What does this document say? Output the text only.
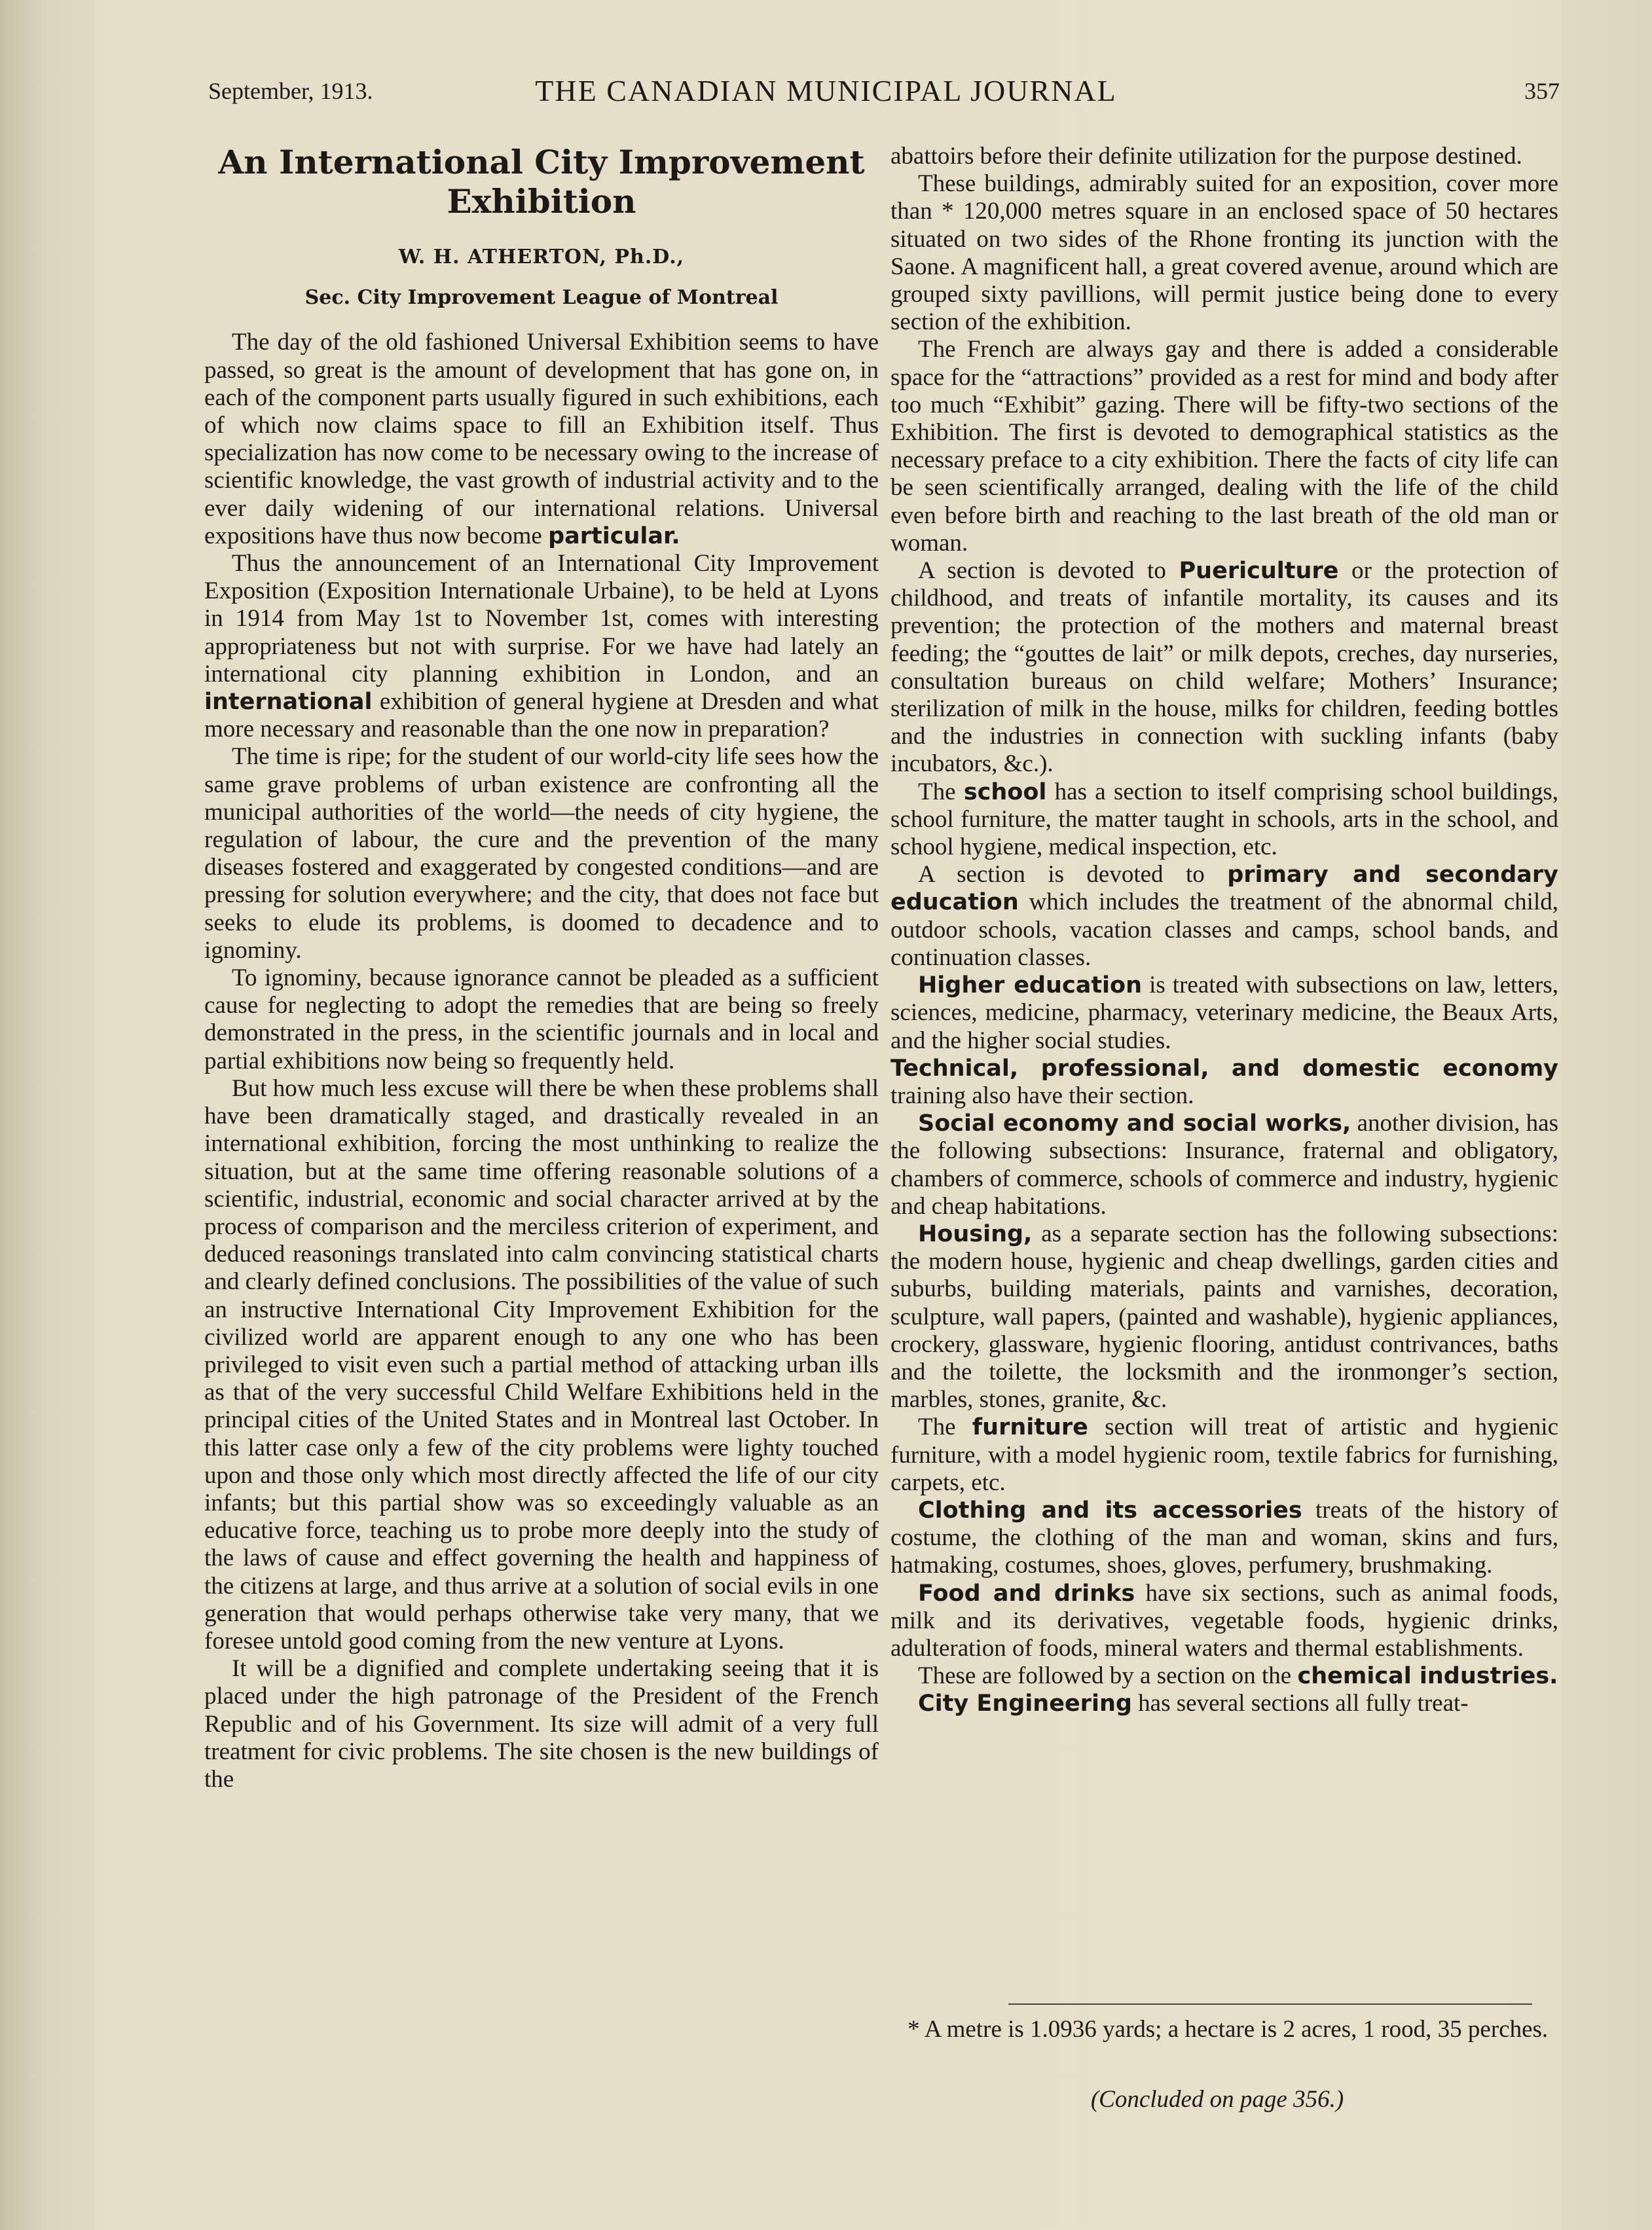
September, 1913.	THE CANADIAN MUNICIPAL JOURNAL	357
An International City Improvement Exhibition
W. H. ATHERTON, Ph.D.,
Sec. City Improvement League of Montreal

The day of the old fashioned Universal Exhibition seems to have passed, so great is the amount of development that has gone on, in each of the component parts usually figured in such exhibitions, each of which now claims space to fill an Exhibition itself. Thus specialization has now come to be necessary owing to the increase of scientific knowledge, the vast growth of industrial activity and to the ever daily widening of our international relations. Universal expositions have thus now become particular.

Thus the announcement of an International City Improvement Exposition (Exposition Internationale Urbaine), to be held at Lyons in 1914 from May 1st to November 1st, comes with interesting appropriateness but not with surprise. For we have had lately an international city planning exhibition in London, and an international exhibition of general hygiene at Dresden and what more necessary and reasonable than the one now in preparation?

The time is ripe; for the student of our world-city life sees how the same grave problems of urban existence are confronting all the municipal authorities of the world—the needs of city hygiene, the regulation of labour, the cure and the prevention of the many diseases fostered and exaggerated by congested conditions—and are pressing for solution everywhere; and the city, that does not face but seeks to elude its problems, is doomed to decadence and to ignominy.

To ignominy, because ignorance cannot be pleaded as a sufficient cause for neglecting to adopt the remedies that are being so freely demonstrated in the press, in the scientific journals and in local and partial exhibitions now being so frequently held.

But how much less excuse will there be when these problems shall have been dramatically staged, and drastically revealed in an international exhibition, forcing the most unthinking to realize the situation, but at the same time offering reasonable solutions of a scientific, industrial, economic and social character arrived at by the process of comparison and the merciless criterion of experiment, and deduced reasonings translated into calm convincing statistical charts and clearly defined conclusions. The possibilities of the value of such an instructive International City Improvement Exhibition for the civilized world are apparent enough to any one who has been privileged to visit even such a partial method of attacking urban ills as that of the very successful Child Welfare Exhibitions held in the principal cities of the United States and in Montreal last October. In this latter case only a few of the city problems were lighty touched upon and those only which most directly affected the life of our city infants; but this partial show was so exceedingly valuable as an educative force, teaching us to probe more deeply into the study of the laws of cause and effect governing the health and happiness of the citizens at large, and thus arrive at a solution of social evils in one generation that would perhaps otherwise take very many, that we foresee untold good coming from the new venture at Lyons.

It will be a dignified and complete undertaking seeing that it is placed under the high patronage of the President of the French Republic and of his Government. Its size will admit of a very full treatment for civic problems. The site chosen is the new buildings of the

abattoirs before their definite utilization for the purpose destined.

These buildings, admirably suited for an exposition, cover more than * 120,000 metres square in an enclosed space of 50 hectares situated on two sides of the Rhone fronting its junction with the Saone. A magnificent hall, a great covered avenue, around which are grouped sixty pavillions, will permit justice being done to every section of the exhibition.

The French are always gay and there is added a considerable space for the “attractions” provided as a rest for mind and body after too much “Exhibit” gazing. There will be fifty-two sections of the Exhibition. The first is devoted to demographical statistics as the necessary preface to a city exhibition. There the facts of city life can be seen scientifically arranged, dealing with the life of the child even before birth and reaching to the last breath of the old man or woman.

A section is devoted to Puericulture or the protection of childhood, and treats of infantile mortality, its causes and its prevention; the protection of the mothers and maternal breast feeding; the “gouttes de lait” or milk depots, creches, day nurseries, consultation bureaus on child welfare; Mothers’ Insurance; sterilization of milk in the house, milks for children, feeding bottles and the industries in connection with suckling infants (baby incubators, &c.).

The school has a section to itself comprising school buildings, school furniture, the matter taught in schools, arts in the school, and school hygiene, medical inspection, etc.

A section is devoted to primary and secondary education which includes the treatment of the abnormal child, outdoor schools, vacation classes and camps, school bands, and continuation classes.

Higher education is treated with subsections on law, letters, sciences, medicine, pharmacy, veterinary medicine, the Beaux Arts, and the higher social studies.

Technical, professional, and domestic economy training also have their section.

Social economy and social works, another division, has the following subsections: Insurance, fraternal and obligatory, chambers of commerce, schools of commerce and industry, hygienic and cheap habitations.

Housing, as a separate section has the following subsections: the modern house, hygienic and cheap dwellings, garden cities and suburbs, building materials, paints and varnishes, decoration, sculpture, wall papers, (painted and washable), hygienic appliances, crockery, glassware, hygienic flooring, antidust contrivances, baths and the toilette, the locksmith and the ironmonger’s section, marbles, stones, granite, &c.

The furniture section will treat of artistic and hygienic furniture, with a model hygienic room, textile fabrics for furnishing, carpets, etc.

Clothing and its accessories treats of the history of costume, the clothing of the man and woman, skins and furs, hatmaking, costumes, shoes, gloves, perfumery, brushmaking.

Food and drinks have six sections, such as animal foods, milk and its derivatives, vegetable foods, hygienic drinks, adulteration of foods, mineral waters and thermal establishments.

These are followed by a section on the chemical industries.

City Engineering has several sections all fully treat-

* A metre is 1.0936 yards; a hectare is 2 acres, 1 rood, 35 perches.
(Concluded on page 356.)
